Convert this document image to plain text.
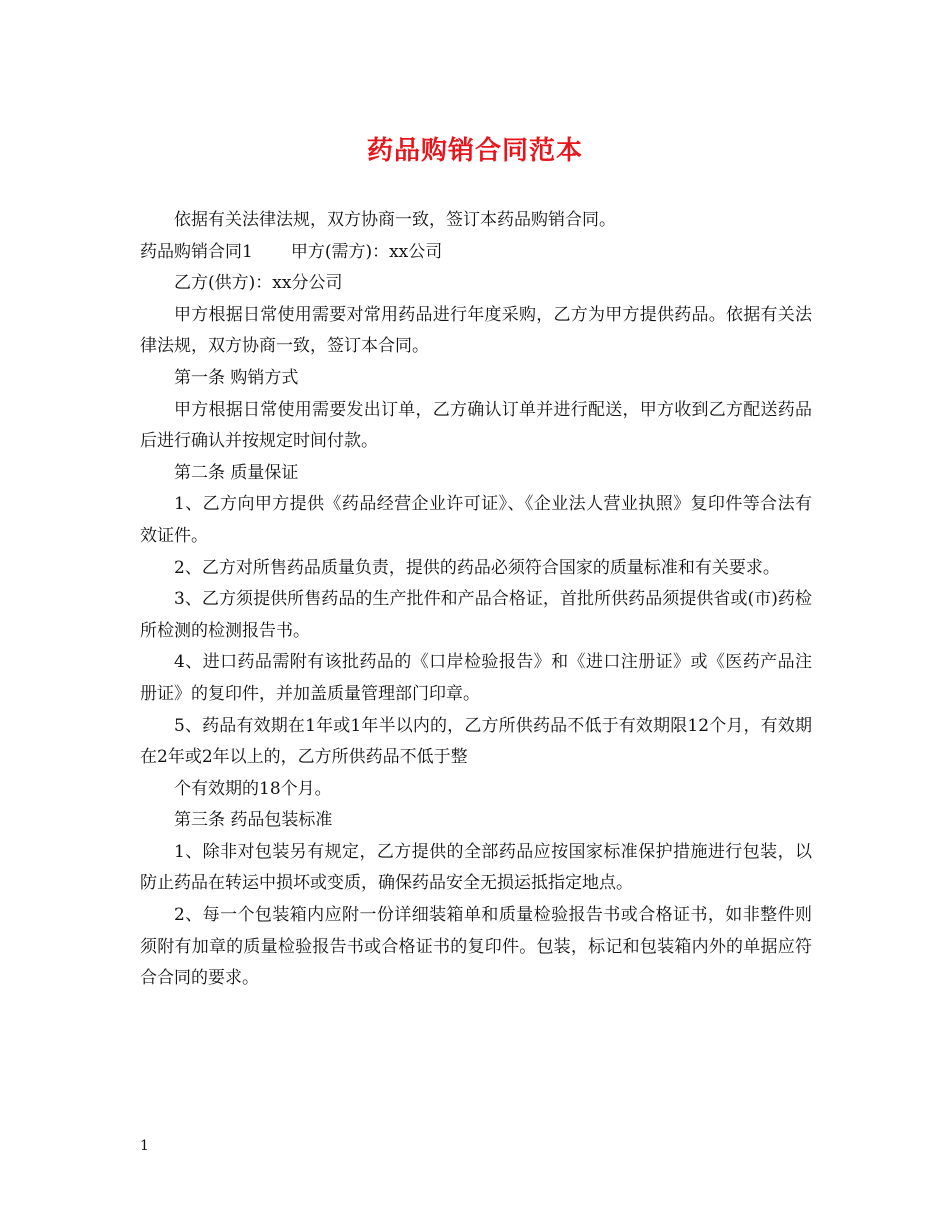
药品购销合同范本

依据有关法律法规，双方协商一致，签订本药品购销合同。

药品购销合同1 甲方(需方)：xx公司

乙方(供方)：xx分公司

甲方根据日常使用需要对常用药品进行年度采购，乙方为甲方提供药品。依据有关法律法规，双方协商一致，签订本合同。

第一条 购销方式

甲方根据日常使用需要发出订单，乙方确认订单并进行配送，甲方收到乙方配送药品后进行确认并按规定时间付款。

第二条 质量保证

1、乙方向甲方提供《药品经营企业许可证》、《企业法人营业执照》复印件等合法有效证件。

2、乙方对所售药品质量负责，提供的药品必须符合国家的质量标准和有关要求。

3、乙方须提供所售药品的生产批件和产品合格证，首批所供药品须提供省或(市)药检所检测的检测报告书。

4、进口药品需附有该批药品的《口岸检验报告》和《进口注册证》或《医药产品注册证》的复印件，并加盖质量管理部门印章。

5、药品有效期在1年或1年半以内的，乙方所供药品不低于有效期限12个月，有效期在2年或2年以上的，乙方所供药品不低于整

个有效期的18个月。

第三条 药品包装标准

1、除非对包装另有规定，乙方提供的全部药品应按国家标准保护措施进行包装，以防止药品在转运中损坏或变质，确保药品安全无损运抵指定地点。

2、每一个包装箱内应附一份详细装箱单和质量检验报告书或合格证书，如非整件则须附有加章的质量检验报告书或合格证书的复印件。包装，标记和包装箱内外的单据应符合合同的要求。

1
